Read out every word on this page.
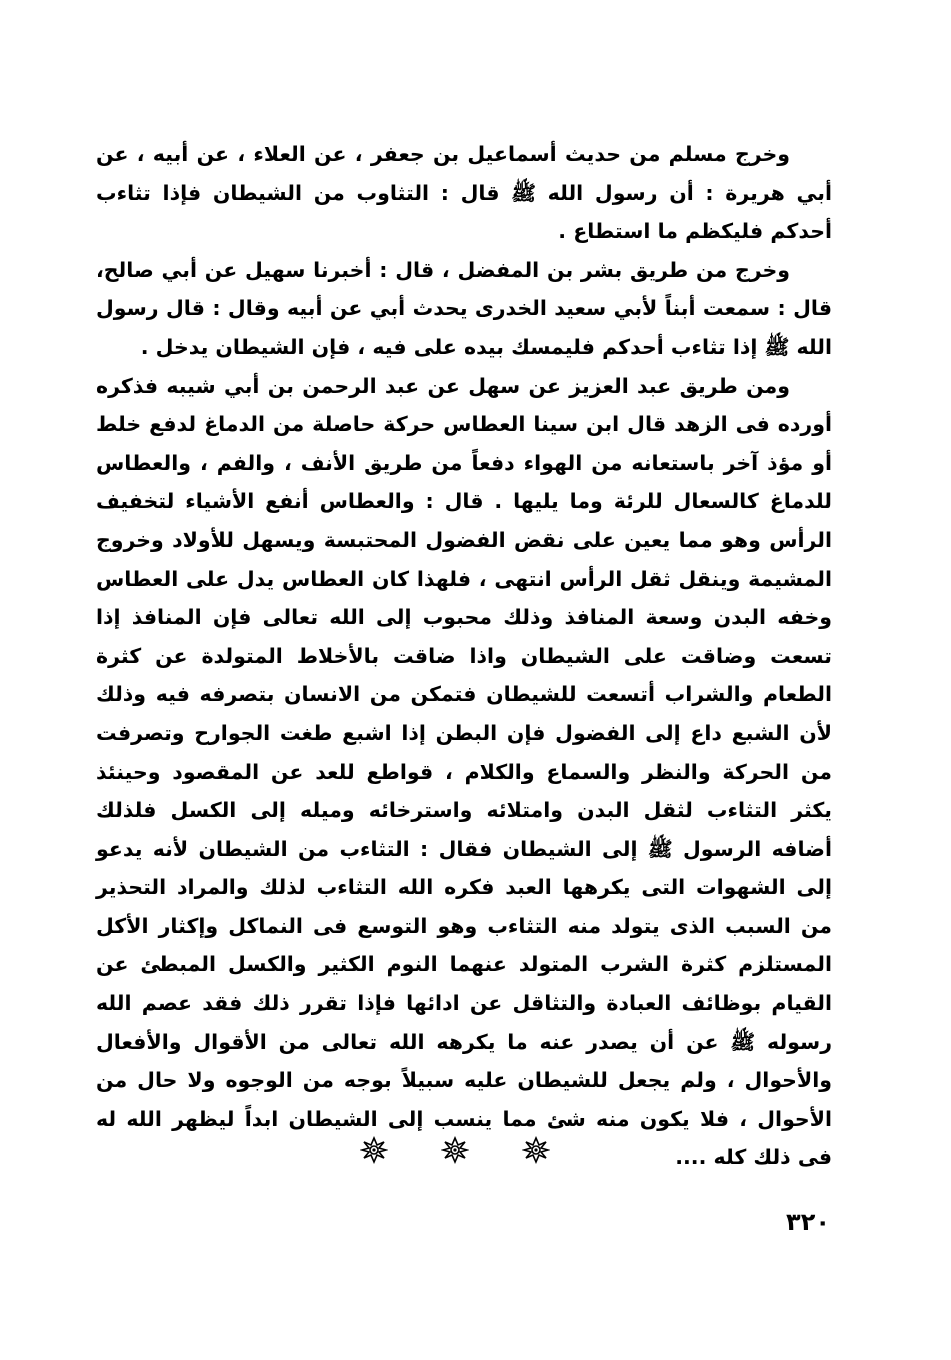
وخرج مسلم من حديث أسماعيل بن جعفر ، عن العلاء ، عن أبيه ، عن أبي هريرة : أن رسول الله ﷺ قال : التثاوب من الشيطان فإذا تثاءب أحدكم فليكظم ما استطاع .

وخرج من طريق بشر بن المفضل ، قال : أخبرنا سهيل عن أبي صالح، قال : سمعت أبناً لأبي سعيد الخدرى يحدث أبي عن أبيه وقال : قال رسول الله ﷺ إذا تثاءب أحدكم فليمسك بيده على فيه ، فإن الشيطان يدخل .

ومن طريق عبد العزيز عن سهل عن عبد الرحمن بن أبي شيبه فذكره أورده فى الزهد قال ابن سينا العطاس حركة حاصلة من الدماغ لدفع خلط أو مؤذ آخر باستعانه من الهواء دفعاً من طريق الأنف ، والفم ، والعطاس للدماغ كالسعال للرئة وما يليها . قال : والعطاس أنفع الأشياء لتخفيف الرأس وهو مما يعين على نقض الفضول المحتبسة ويسهل للأولاد وخروج المشيمة وينقل ثقل الرأس انتهى ، فلهذا كان العطاس يدل على العطاس وخفه البدن وسعة المنافذ وذلك محبوب إلى الله تعالى فإن المنافذ إذا تسعت وضاقت على الشيطان واذا ضاقت بالأخلاط المتولدة عن كثرة الطعام والشراب أتسعت للشيطان فتمكن من الانسان بتصرفه فيه وذلك لأن الشبع داع إلى الفضول فإن البطن إذا اشبع طغت الجوارح وتصرفت من الحركة والنظر والسماع والكلام ، قواطع للعد عن المقصود وحينئذ يكثر التثاءب لثقل البدن وامتلائه واسترخائه وميله إلى الكسل فلذلك أضافه الرسول ﷺ إلى الشيطان فقال : التثاءب من الشيطان لأنه يدعو إلى الشهوات التى يكرهها العبد فكره الله التثاءب لذلك والمراد التحذير من السبب الذى يتولد منه التثاءب وهو التوسع فى النماكل وإكثار الأكل المستلزم كثرة الشرب المتولد عنهما النوم الكثير والكسل المبطئ عن القيام بوظائف العبادة والتثاقل عن ادائها فإذا تقرر ذلك فقد عصم الله رسوله ﷺ عن أن يصدر عنه ما يكرهه الله تعالى من الأقوال والأفعال والأحوال ، ولم يجعل للشيطان عليه سبيلاً بوجه من الوجوه ولا حال من الأحوال ، فلا يكون منه شئ مما ينسب إلى الشيطان ابداً ليظهر الله له فى ذلك كله ....

٣٢٠
